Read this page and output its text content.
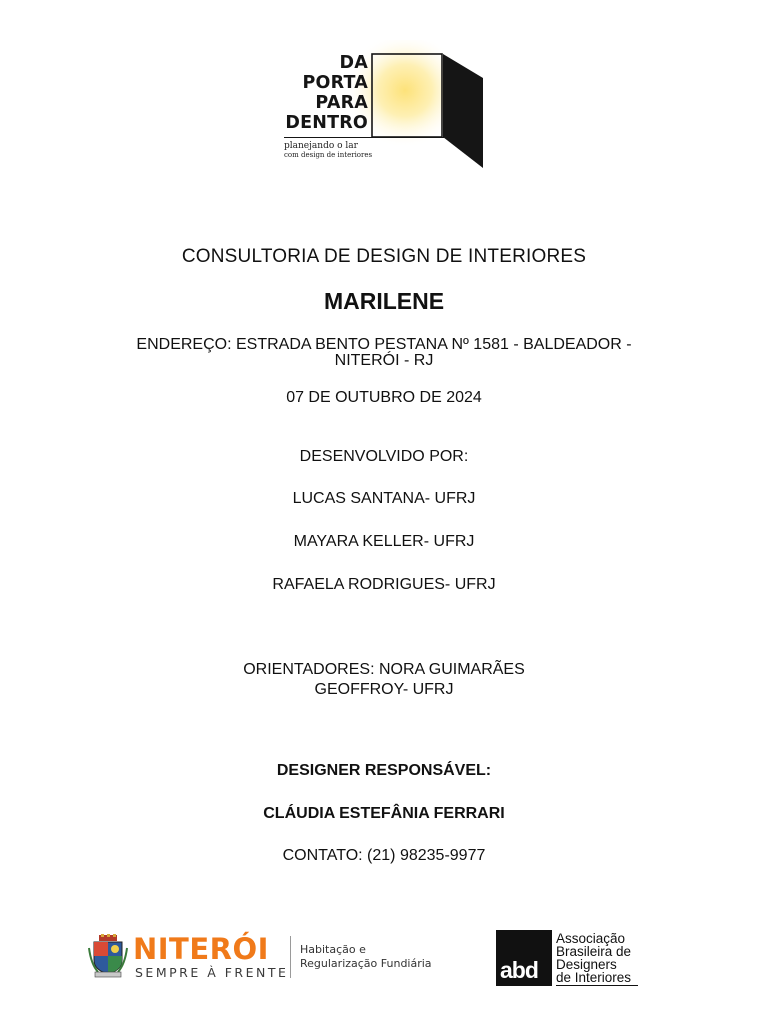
DA
PORTA
PARA
DENTRO
planejando o lar
com design de interiores
CONSULTORIA DE DESIGN DE INTERIORES
MARILENE
ENDEREÇO: ESTRADA BENTO PESTANA Nº 1581 - BALDEADOR -
NITERÓI - RJ
07 DE OUTUBRO DE 2024
DESENVOLVIDO POR:
LUCAS SANTANA- UFRJ
MAYARA KELLER- UFRJ
RAFAELA RODRIGUES- UFRJ
ORIENTADORES: NORA GUIMARÃES
GEOFFROY- UFRJ
DESIGNER RESPONSÁVEL:
CLÁUDIA ESTEFÂNIA FERRARI
CONTATO: (21) 98235-9977
NITERÓI
SEMPRE À FRENTE
Habitação e
Regularização Fundiária	abd
Associação
Brasileira de
Designers
de Interiores
